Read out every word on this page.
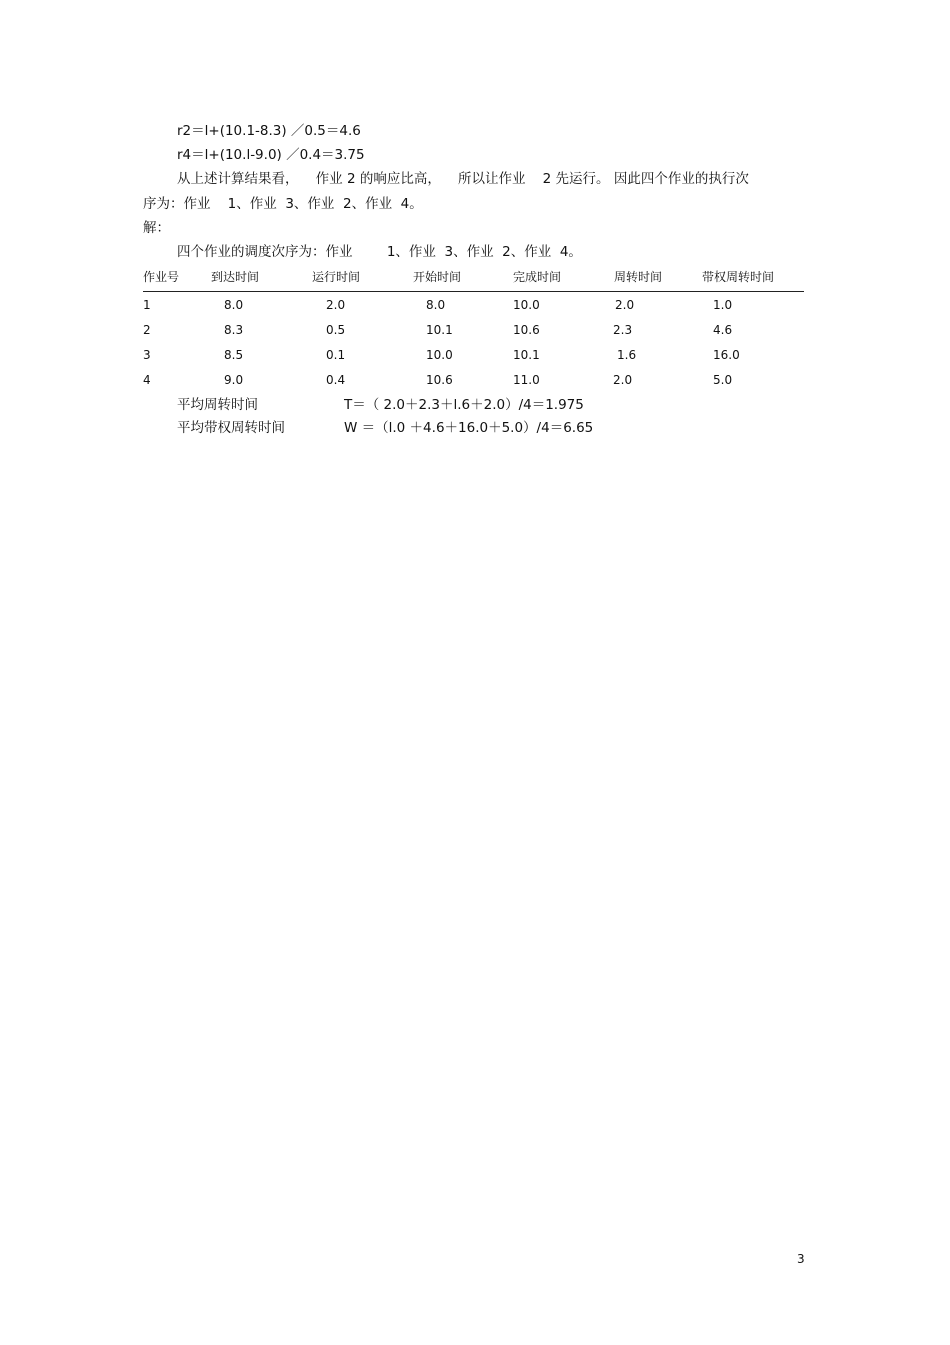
r2＝l+(10.1-8.3) ／0.5＝4.6
r4＝l+(10.l-9.0) ／0.4＝3.75
从上述计算结果看，    作业 2 的响应比高，    所以让作业    2 先运行。 因此四个作业的执行次
序为：作业    1、作业  3、作业  2、作业  4。
解：
四个作业的调度次序为：作业        1、作业  3、作业  2、作业  4。
作业号	到达时间	运行时间	开始时间	完成时间	周转时间	带权周转时间
1	8.0	2.0	8.0	10.0	2.0	1.0
2	8.3	0.5	10.1	10.6	2.3	4.6
3	8.5	0.1	10.0	10.1	1.6	16.0
4	9.0	0.4	10.6	11.0	2.0	5.0
平均周转时间	T＝（ 2.0＋2.3＋l.6＋2.0）/4＝1.975
平均带权周转时间	W ＝（l.0 ＋4.6＋16.0＋5.0）/4＝6.65
3
